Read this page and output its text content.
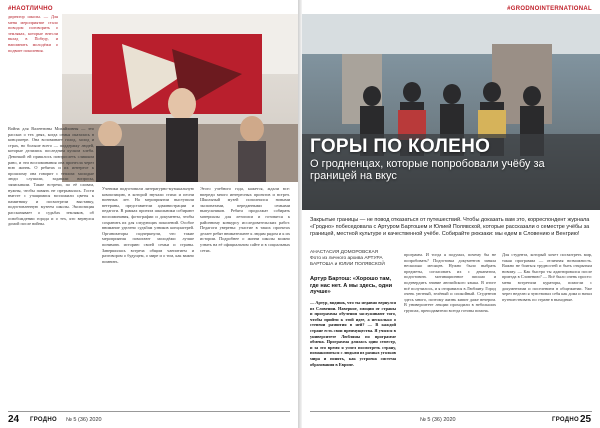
#НАОТЛИЧНО
директор школы. — Для меня мероприятие стало поводом поговорить о земляках, которые внесли вклад в Победу, и напомнить молодёжи о подвиге поколения.
Война для Валентины Михайловны — это рассказ о тех днях, когда семья оказалась в концлагере. Она вспоминает голод, холод и страх, но больше всего — поддержку людей, которые делились последним куском хлеба. Девочкой ей пришлось повзрослеть слишком рано, и эти воспоминания она пронесла через всю жизнь. О ребятах и их интересе к прошлому она говорит с теплом: молодые люди слушали, задавали вопросы, записывали. Такие встречи, по её словам, нужны, чтобы память не прерывалась. Гости вместе с учащимися возложили цветы к памятнику и посмотрели выставку, подготовленную музеем школы. Экспозиция рассказывает о судьбах земляков, об освобождении города и о тех, кто вернулся домой после войны.
Ученики подготовили литературно-музыкальную композицию, в которой звучали стихи и песни военных лет. На мероприятии выступили ветераны, представители администрации и педагоги. В рамках проекта школьники собирают воспоминания, фотографии и документы, чтобы сохранить их для следующих поколений. Особое внимание уделено судьбам узников концлагерей. Организаторы подчеркнули, что такие мероприятия помогают молодёжи лучше понимать историю своей семьи и страны. Завершилась встреча общим чаепитием и разговором о будущем, о мире и о том, как важно помнить.
Этого учебного года, кажется, ждали все: впереди много интересных проектов и встреч. Школьный музей пополнился новыми экспонатами, переданными семьями выпускников. Ребята продолжат собирать материалы для летописи и готовятся к районному конкурсу исследовательских работ. Педагоги уверены: участие в таких проектах делает ребят внимательнее к людям рядом и к их истории. Подробнее о жизни школы можно узнать на её официальном сайте и в социальных сетях.
24 ГРОДНО № 5 (36) 2020
#GRODNOINTERNATIONAL
ГОРЫ ПО КОЛЕНО
О гродненцах, которые попробовали учёбу за границей на вкус
Закрытые границы — не повод отказаться от путешествий. Чтобы доказать вам это, корреспондент журнала «Гродно» побеседовала с Артуром Бартошем и Юлией Полявской, которые рассказали о семестре учёбы за границей, местной культуре и качественной учёбе. Собирайте рюкзаки: мы едем в Словению и Венгрию!
АНАСТАСИЯ ДОМОРОВСКАЯ
Фото из личного архива АРТУРА БАРТОША и ЮЛИИ ПОЛЯВСКОЙ
Артур Бартош: «Хорошо там, где нас нет. А мы здесь, одни лучше»
— Артур, видишь, что ты недавно вернулся из Словении. Наверное, эмоции от страны и программы обучения заслуживают того, чтобы прийти к этой идее, а несколько о степени развития в ней? — В каждой стране есть свои преимущества. Я учился в университете Любляны по программе обмена. Программа длилась один семестр, и за это время я успел посмотреть страну, познакомиться с людьми из разных уголков мира и понять, как устроена система образования в Европе.
программ. И тогда я подумал, почему бы не попробовать? Подготовка документов заняла несколько месяцев. Нужно было выбрать предметы, согласовать их с деканатом, подготовить мотивационное письмо и подтвердить знание английского языка. В итоге всё получилось, и я отправился в Любляну. Город очень уютный, зелёный и спокойный. Студентов здесь много, поэтому жизнь кипит даже вечером. В университете лекции проходили в небольших группах, преподаватели всегда готовы помочь.
Для студента, который хочет посмотреть мир, такая программа — отличная возможность. Важно не бояться трудностей и быть открытым новому. — Как быстро ты адаптировался после приезда в Словению? — Всё было очень просто: меня встретили кураторы, помогли с документами и поселением в общежитии. Уже через неделю я чувствовал себя как дома и начал путешествовать по стране в выходные.
№ 5 (36) 2020	ГРОДНО 25
